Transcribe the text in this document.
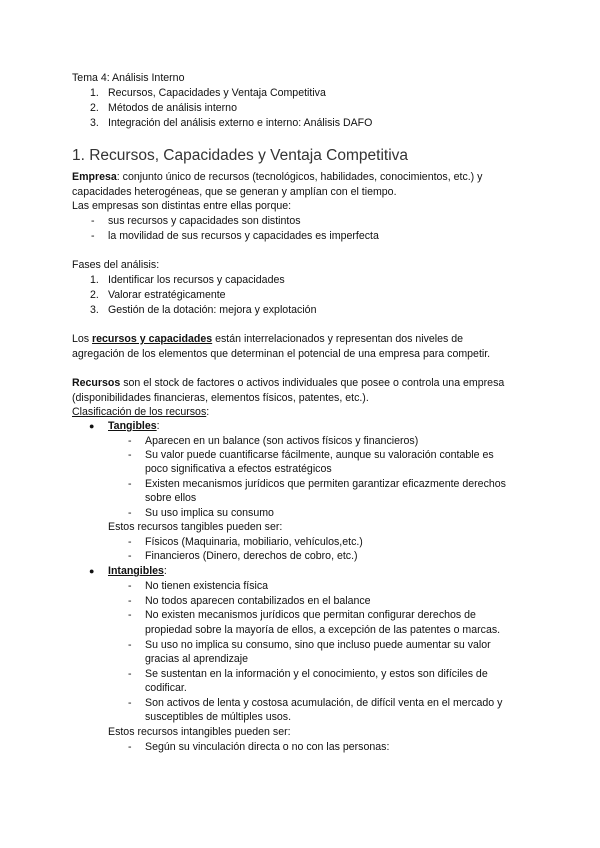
Tema 4: Análisis Interno
1. Recursos, Capacidades y Ventaja Competitiva
2. Métodos de análisis interno
3. Integración del análisis externo e interno: Análisis DAFO
1. Recursos, Capacidades y Ventaja Competitiva
Empresa: conjunto único de recursos (tecnológicos, habilidades, conocimientos, etc.) y
capacidades heterogéneas, que se generan y amplían con el tiempo.
Las empresas son distintas entre ellas porque:
- sus recursos y capacidades son distintos
- la movilidad de sus recursos y capacidades es imperfecta
Fases del análisis:
1. Identificar los recursos y capacidades
2. Valorar estratégicamente
3. Gestión de la dotación: mejora y explotación
Los recursos y capacidades están interrelacionados y representan dos niveles de
agregación de los elementos que determinan el potencial de una empresa para competir.
Recursos son el stock de factores o activos individuales que posee o controla una empresa
(disponibilidades financieras, elementos físicos, patentes, etc.).
Clasificación de los recursos:
● Tangibles:
- Aparecen en un balance (son activos físicos y financieros)
- Su valor puede cuantificarse fácilmente, aunque su valoración contable es
poco significativa a efectos estratégicos
- Existen mecanismos jurídicos que permiten garantizar eficazmente derechos
sobre ellos
- Su uso implica su consumo
Estos recursos tangibles pueden ser:
- Físicos (Maquinaria, mobiliario, vehículos,etc.)
- Financieros (Dinero, derechos de cobro, etc.)
● Intangibles:
- No tienen existencia física
- No todos aparecen contabilizados en el balance
- No existen mecanismos jurídicos que permitan configurar derechos de
propiedad sobre la mayoría de ellos, a excepción de las patentes o marcas.
- Su uso no implica su consumo, sino que incluso puede aumentar su valor
gracias al aprendizaje
- Se sustentan en la información y el conocimiento, y estos son difíciles de
codificar.
- Son activos de lenta y costosa acumulación, de difícil venta en el mercado y
susceptibles de múltiples usos.
Estos recursos intangibles pueden ser:
- Según su vinculación directa o no con las personas:
